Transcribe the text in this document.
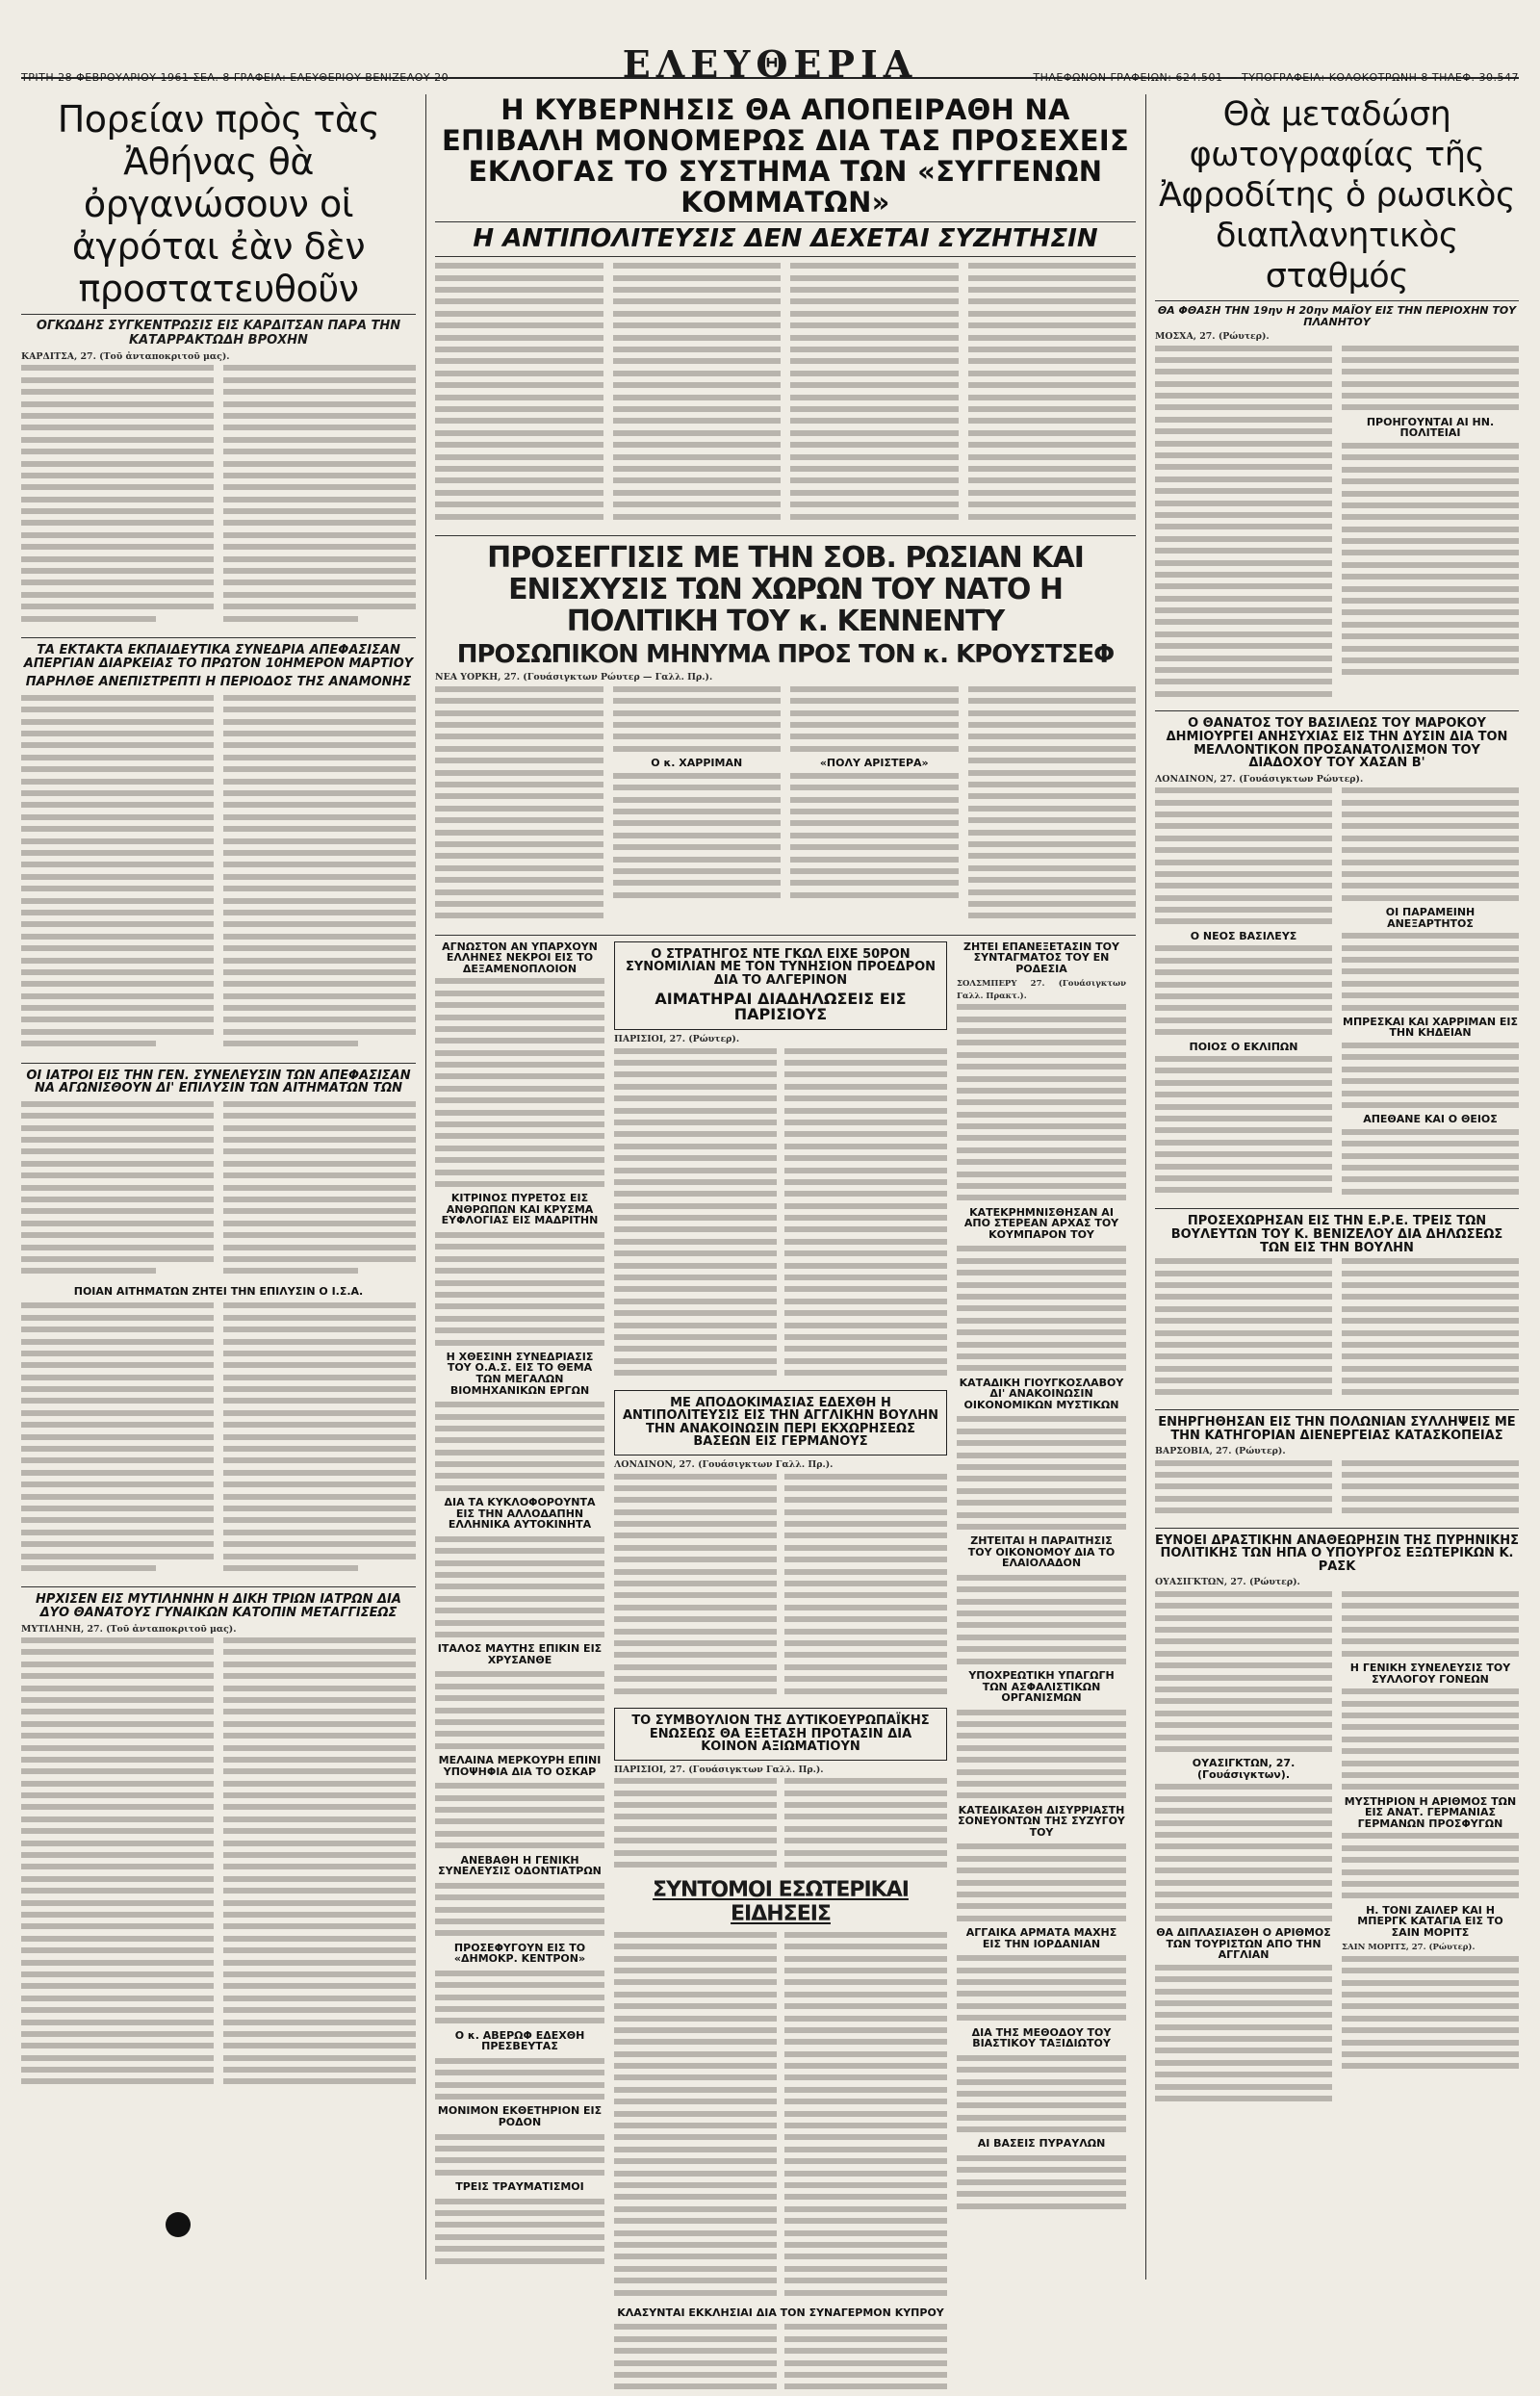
ΤΡΙΤΗ 28 ΦΕΒΡΟΥΑΡΙΟΥ 1961 ΣΕΛ. 8 ΓΡΑΦΕΙΑ: ΕΛΕΥΘΕΡΙΟΥ ΒΕΝΙΖΕΛΟΥ 20	ΕΛΕΥΘΕΡΙΑ	ΤΗΛΕΦΩΝΟΝ ΓΡΑΦΕΙΩΝ: 624.501 — ΤΥΠΟΓΡΑΦΕΙΑ: ΚΟΛΟΚΟΤΡΩΝΗ 8 ΤΗΛΕΦ. 30.547
Πορείαν πρὸς τὰς Ἀθήνας θὰ ὀργανώσουν οἱ ἀγρόται ἐὰν δὲν προστατευθοῦν
ΟΓΚΩΔΗΣ ΣΥΓΚΕΝΤΡΩΣΙΣ ΕΙΣ ΚΑΡΔΙΤΣΑΝ ΠΑΡΑ ΤΗΝ ΚΑΤΑΡΡΑΚΤΩΔΗ ΒΡΟΧΗΝ
ΚΑΡΔΙΤΣΑ, 27. (Τοῦ ἀνταποκριτοῦ μας).
ΤΑ ΕΚΤΑΚΤΑ ΕΚΠΑΙΔΕΥΤΙΚΑ ΣΥΝΕΔΡΙΑ ΑΠΕΦΑΣΙΣΑΝ ΑΠΕΡΓΙΑΝ ΔΙΑΡΚΕΙΑΣ ΤΟ ΠΡΩΤΟΝ 10ΗΜΕΡΟΝ ΜΑΡΤΙΟΥ
ΠΑΡΗΛΘΕ ΑΝΕΠΙΣΤΡΕΠΤΙ Η ΠΕΡΙΟΔΟΣ ΤΗΣ ΑΝΑΜΟΝΗΣ
ΟΙ ΙΑΤΡΟΙ ΕΙΣ ΤΗΝ ΓΕΝ. ΣΥΝΕΛΕΥΣΙΝ ΤΩΝ ΑΠΕΦΑΣΙΣΑΝ ΝΑ ΑΓΩΝΙΣΘΟΥΝ ΔΙ' ΕΠΙΛΥΣΙΝ ΤΩΝ ΑΙΤΗΜΑΤΩΝ ΤΩΝ
ΠΟΙΑΝ ΑΙΤΗΜΑΤΩΝ ΖΗΤΕΙ ΤΗΝ ΕΠΙΛΥΣΙΝ Ο Ι.Σ.Α.
ΗΡΧΙΣΕΝ ΕΙΣ ΜΥΤΙΛΗΝΗΝ Η ΔΙΚΗ ΤΡΙΩΝ ΙΑΤΡΩΝ ΔΙΑ ΔΥΟ ΘΑΝΑΤΟΥΣ ΓΥΝΑΙΚΩΝ ΚΑΤΟΠΙΝ ΜΕΤΑΓΓΙΣΕΩΣ
ΜΥΤΙΛΗΝΗ, 27. (Τοῦ ἀνταποκριτοῦ μας).
Η ΚΥΒΕΡΝΗΣΙΣ ΘΑ ΑΠΟΠΕΙΡΑΘΗ ΝΑ ΕΠΙΒΑΛΗ ΜΟΝΟΜΕΡΩΣ ΔΙΑ ΤΑΣ ΠΡΟΣΕΧΕΙΣ ΕΚΛΟΓΑΣ ΤΟ ΣΥΣΤΗΜΑ ΤΩΝ «ΣΥΓΓΕΝΩΝ ΚΟΜΜΑΤΩΝ»
Η ΑΝΤΙΠΟΛΙΤΕΥΣΙΣ ΔΕΝ ΔΕΧΕΤΑΙ ΣΥΖΗΤΗΣΙΝ
ΠΡΟΣΕΓΓΙΣΙΣ ΜΕ ΤΗΝ ΣΟΒ. ΡΩΣΙΑΝ ΚΑΙ ΕΝΙΣΧΥΣΙΣ ΤΩΝ ΧΩΡΩΝ ΤΟΥ ΝΑΤΟ Η ΠΟΛΙΤΙΚΗ ΤΟΥ κ. ΚΕΝΝΕΝΤΥ
ΠΡΟΣΩΠΙΚΟΝ ΜΗΝΥΜΑ ΠΡΟΣ ΤΟΝ κ. ΚΡΟΥΣΤΣΕΦ
ΝΕΑ ΥΟΡΚΗ, 27. (Γουάσιγκτων Ρώυτερ — Γαλλ. Πρ.).
Ο κ. ΧΑΡΡΙΜΑΝ	«ΠΟΛΥ ΑΡΙΣΤΕΡΑ»
ΑΓΝΩΣΤΟΝ ΑΝ ΥΠΑΡΧΟΥΝ ΕΛΛΗΝΕΣ ΝΕΚΡΟΙ ΕΙΣ ΤΟ ΔΕΞΑΜΕΝΟΠΛΟΙΟΝ
ΚΙΤΡΙΝΟΣ ΠΥΡΕΤΟΣ ΕΙΣ ΑΝΘΡΩΠΩΝ ΚΑΙ ΚΡΥΣΜΑ ΕΥΦΛΟΓΙΑΣ ΕΙΣ ΜΑΔΡΙΤΗΝ
Η ΧΘΕΣΙΝΗ ΣΥΝΕΔΡΙΑΣΙΣ ΤΟΥ Ο.Α.Σ. ΕΙΣ ΤΟ ΘΕΜΑ ΤΩΝ ΜΕΓΑΛΩΝ ΒΙΟΜΗΧΑΝΙΚΩΝ ΕΡΓΩΝ
ΔΙΑ ΤΑ ΚΥΚΛΟΦΟΡΟΥΝΤΑ ΕΙΣ ΤΗΝ ΑΛΛΟΔΑΠΗΝ ΕΛΛΗΝΙΚΑ ΑΥΤΟΚΙΝΗΤΑ
ΙΤΑΛΟΣ ΜΑΥΤΗΣ ΕΠΙΚΙΝ ΕΙΣ ΧΡΥΣΑΝΘΕ
ΜΕΛΑΙΝΑ ΜΕΡΚΟΥΡΗ ΕΠΙΝΙ ΥΠΟΨΗΦΙΑ ΔΙΑ ΤΟ ΟΣΚΑΡ
ΑΝΕΒΑΘΗ Η ΓΕΝΙΚΗ ΣΥΝΕΛΕΥΣΙΣ ΟΔΟΝΤΙΑΤΡΩΝ
ΠΡΟΣΕΦΥΓΟΥΝ ΕΙΣ ΤΟ «ΔΗΜΟΚΡ. ΚΕΝΤΡΟΝ»
Ο κ. ΑΒΕΡΩΦ ΕΔΕΧΘΗ ΠΡΕΣΒΕΥΤΑΣ
ΜΟΝΙΜΟΝ ΕΚΘΕΤΗΡΙΟΝ ΕΙΣ ΡΟΔΟΝ
ΤΡΕΙΣ ΤΡΑΥΜΑΤΙΣΜΟΙ
Ο ΣΤΡΑΤΗΓΟΣ ΝΤΕ ΓΚΩΛ ΕΙΧΕ 50ΡΟΝ ΣΥΝΟΜΙΛΙΑΝ ΜΕ ΤΟΝ ΤΥΝΗΣΙΟΝ ΠΡΟΕΔΡΟΝ ΔΙΑ ΤΟ ΑΛΓΕΡΙΝΟΝ
ΑΙΜΑΤΗΡΑΙ ΔΙΑΔΗΛΩΣΕΙΣ ΕΙΣ ΠΑΡΙΣΙΟΥΣ
ΠΑΡΙΣΙΟΙ, 27. (Ρώυτερ).
ΜΕ ΑΠΟΔΟΚΙΜΑΣΙΑΣ ΕΔΕΧΘΗ Η ΑΝΤΙΠΟΛΙΤΕΥΣΙΣ ΕΙΣ ΤΗΝ ΑΓΓΛΙΚΗΝ ΒΟΥΛΗΝ ΤΗΝ ΑΝΑΚΟΙΝΩΣΙΝ ΠΕΡΙ ΕΚΧΩΡΗΣΕΩΣ ΒΑΣΕΩΝ ΕΙΣ ΓΕΡΜΑΝΟΥΣ
ΛΟΝΔΙΝΟΝ, 27. (Γουάσιγκτων Γαλλ. Πρ.).
ΤΟ ΣΥΜΒΟΥΛΙΟΝ ΤΗΣ ΔΥΤΙΚΟΕΥΡΩΠΑΪΚΗΣ ΕΝΩΣΕΩΣ ΘΑ ΕΞΕΤΑΣΗ ΠΡΟΤΑΣΙΝ ΔΙΑ ΚΟΙΝΟΝ ΑΞΙΩΜΑΤΙΟΥΝ
ΠΑΡΙΣΙΟΙ, 27. (Γουάσιγκτων Γαλλ. Πρ.).
ΣΥΝΤΟΜΟΙ ΕΣΩΤΕΡΙΚΑΙ ΕΙΔΗΣΕΙΣ
ΚΛΑΣΥΝΤΑΙ ΕΚΚΛΗΣΙΑΙ ΔΙΑ ΤΟΝ ΣΥΝΑΓΕΡΜΟΝ ΚΥΠΡΟΥ
ΖΗΤΕΙ ΕΠΑΝΕΞΕΤΑΣΙΝ ΤΟΥ ΣΥΝΤΑΓΜΑΤΟΣ ΤΟΥ ΕΝ ΡΟΔΕΣΙΑ
ΣΟΛΣΜΠΕΡΥ 27. (Γουάσιγκτων Γαλλ. Πρακτ.).
ΚΑΤΕΚΡΗΜΝΙΣΘΗΣΑΝ ΑΙ ΑΠΟ ΣΤΕΡΕΑΝ ΑΡΧΑΣ ΤΟΥ ΚΟΥΜΠΑΡΟΝ ΤΟΥ
ΚΑΤΑΔΙΚΗ ΓΙΟΥΓΚΟΣΛΑΒΟΥ ΔΙ' ΑΝΑΚΟΙΝΩΣΙΝ ΟΙΚΟΝΟΜΙΚΩΝ ΜΥΣΤΙΚΩΝ
ΖΗΤΕΙΤΑΙ Η ΠΑΡΑΙΤΗΣΙΣ ΤΟΥ ΟΙΚΟΝΟΜΟΥ ΔΙΑ ΤΟ ΕΛΑΙΟΛΑΔΟΝ
ΥΠΟΧΡΕΩΤΙΚΗ ΥΠΑΓΩΓΗ ΤΩΝ ΑΣΦΑΛΙΣΤΙΚΩΝ ΟΡΓΑΝΙΣΜΩΝ
ΚΑΤΕΔΙΚΑΣΘΗ ΔΙΣΥΡΡΙΑΣΤΗ ΣΟΝΕΥΟΝΤΩΝ ΤΗΣ ΣΥΖΥΓΟΥ ΤΟΥ
ΑΓΓΑΙΚΑ ΑΡΜΑΤΑ ΜΑΧΗΣ ΕΙΣ ΤΗΝ ΙΟΡΔΑΝΙΑΝ
ΔΙΑ ΤΗΣ ΜΕΘΟΔΟΥ ΤΟΥ ΒΙΑΣΤΙΚΟΥ ΤΑΞΙΔΙΩΤΟΥ
ΑΙ ΒΑΣΕΙΣ ΠΥΡΑΥΛΩΝ
Θὰ μεταδώση φωτογραφίας τῆς Ἀφροδίτης ὁ ρωσικὸς διαπλανητικὸς σταθμός
ΘΑ ΦΘΑΣΗ ΤΗΝ 19ην Η 20ην ΜΑΪΟΥ ΕΙΣ ΤΗΝ ΠΕΡΙΟΧΗΝ ΤΟΥ ΠΛΑΝΗΤΟΥ
ΜΟΣΧΑ, 27. (Ρώυτερ).
ΠΡΟΗΓΟΥΝΤΑΙ ΑΙ ΗΝ. ΠΟΛΙΤΕΙΑΙ
Ο ΘΑΝΑΤΟΣ ΤΟΥ ΒΑΣΙΛΕΩΣ ΤΟΥ ΜΑΡΟΚΟΥ ΔΗΜΙΟΥΡΓΕΙ ΑΝΗΣΥΧΙΑΣ ΕΙΣ ΤΗΝ ΔΥΣΙΝ ΔΙΑ ΤΟΝ ΜΕΛΛΟΝΤΙΚΟΝ ΠΡΟΣΑΝΑΤΟΛΙΣΜΟΝ ΤΟΥ ΔΙΑΔΟΧΟΥ ΤΟΥ ΧΑΣΑΝ Β'
ΛΟΝΔΙΝΟΝ, 27. (Γουάσιγκτων Ρώυτερ).
Ο ΝΕΟΣ ΒΑΣΙΛΕΥΣ
ΠΟΙΟΣ Ο ΕΚΛΙΠΩΝ
ΟΙ ΠΑΡΑΜΕΙΝΗ ΑΝΕΞΑΡΤΗΤΟΣ
ΜΠΡΕΣΚΑΙ ΚΑΙ ΧΑΡΡΙΜΑΝ ΕΙΣ ΤΗΝ ΚΗΔΕΙΑΝ
ΑΠΕΘΑΝΕ ΚΑΙ Ο ΘΕΙΟΣ
ΠΡΟΣΕΧΩΡΗΣΑΝ ΕΙΣ ΤΗΝ Ε.Ρ.Ε. ΤΡΕΙΣ ΤΩΝ ΒΟΥΛΕΥΤΩΝ ΤΟΥ Κ. ΒΕΝΙΖΕΛΟΥ ΔΙΑ ΔΗΛΩΣΕΩΣ ΤΩΝ ΕΙΣ ΤΗΝ ΒΟΥΛΗΝ
ΕΝΗΡΓΗΘΗΣΑΝ ΕΙΣ ΤΗΝ ΠΟΛΩΝΙΑΝ ΣΥΛΛΗΨΕΙΣ ΜΕ ΤΗΝ ΚΑΤΗΓΟΡΙΑΝ ΔΙΕΝΕΡΓΕΙΑΣ ΚΑΤΑΣΚΟΠΕΙΑΣ
ΒΑΡΣΟΒΙΑ, 27. (Ρώυτερ).
ΕΥΝΟΕΙ ΔΡΑΣΤΙΚΗΝ ΑΝΑΘΕΩΡΗΣΙΝ ΤΗΣ ΠΥΡΗΝΙΚΗΣ ΠΟΛΙΤΙΚΗΣ ΤΩΝ ΗΠΑ Ο ΥΠΟΥΡΓΟΣ ΕΞΩΤΕΡΙΚΩΝ Κ. ΡΑΣΚ
ΟΥΑΣΙΓΚΤΩΝ, 27. (Ρώυτερ).
ΟΥΑΣΙΓΚΤΩΝ, 27. (Γουάσιγκτων).
ΘΑ ΔΙΠΛΑΣΙΑΣΘΗ Ο ΑΡΙΘΜΟΣ ΤΩΝ ΤΟΥΡΙΣΤΩΝ ΑΠΟ ΤΗΝ ΑΓΓΛΙΑΝ
Η ΓΕΝΙΚΗ ΣΥΝΕΛΕΥΣΙΣ ΤΟΥ ΣΥΛΛΟΓΟΥ ΓΟΝΕΩΝ
ΜΥΣΤΗΡΙΟΝ Η ΑΡΙΘΜΟΣ ΤΩΝ ΕΙΣ ΑΝΑΤ. ΓΕΡΜΑΝΙΑΣ ΓΕΡΜΑΝΩΝ ΠΡΟΣΦΥΓΩΝ
Η. ΤΟΝΙ ΖΑΙΛΕΡ ΚΑΙ Η ΜΠΕΡΓΚ ΚΑΤΑΓΙΑ ΕΙΣ ΤΟ ΣΑΙΝ ΜΟΡΙΤΣ
ΣΑΙΝ ΜΟΡΙΤΣ, 27. (Ρώυτερ).
